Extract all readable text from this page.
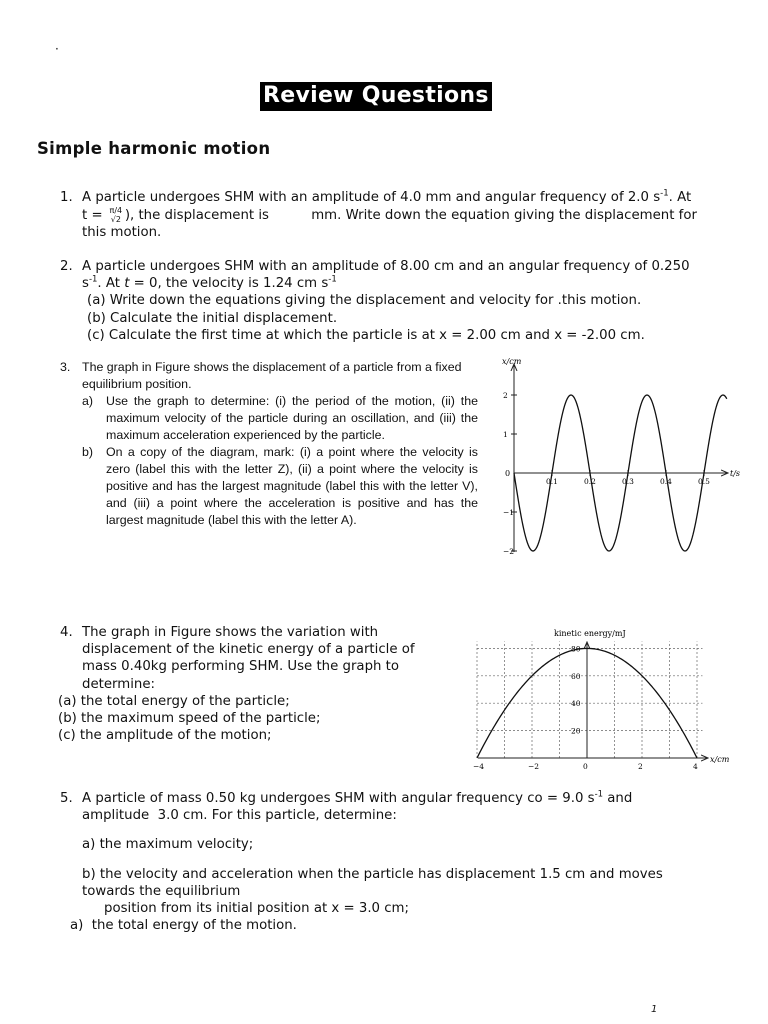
·
Review Questions
Simple harmonic motion
1. A particle undergoes SHM with an amplitude of 4.0 mm and angular frequency of 2.0 $s^{-1}$. At
t = π/4
√2 ), the displacement is          mm. Write down the equation giving the displacement for
this motion.
2. A particle undergoes SHM with an amplitude of 8.00 cm and an angular frequency of 0.250
$s^{-1}$. At t = 0, the velocity is 1.24 cm $s^{-1}$
(a) Write down the equations giving the displacement and velocity for .this motion.
(b) Calculate the initial displacement.
(c) Calculate the first time at which the particle is at x = 2.00 cm and x = -2.00 cm.
3. The graph in Figure shows the displacement of a particle from a fixed equilibrium position.
a) Use the graph to determine: (i) the period of the motion, (ii) the maximum velocity of the particle during an oscillation, and (iii) the maximum acceleration experienced by the particle.
b) On a copy of the diagram, mark: (i) a point where the velocity is zero (label this with the letter Z), (ii) a point where the velocity is positive and has the largest magnitude (label this with the letter V), and (iii) a point where the acceleration is positive and has the largest magnitude (label this with the letter A).
x/cm
t/s
0
0.1	0.2	0.3	0.4	0.5
2
1
−1
−2
4. The graph in Figure shows the variation with displacement of the kinetic energy of a particle of mass 0.40kg performing SHM. Use the graph to determine:
(a) the total energy of the particle;
(b) the maximum speed of the particle;
(c) the amplitude of the motion;
kinetic energy/mJ
x/cm
−4	−2	0	2	4
20
40
60
80
5. A particle of mass 0.50 kg undergoes SHM with angular frequency co = 9.0 $s^{-1}$ and
amplitude  3.0 cm. For this particle, determine:
a) the maximum velocity;
b) the velocity and acceleration when the particle has displacement 1.5 cm and moves
towards the equilibrium
position from its initial position at x = 3.0 cm;
a)  the total energy of the motion.
1
